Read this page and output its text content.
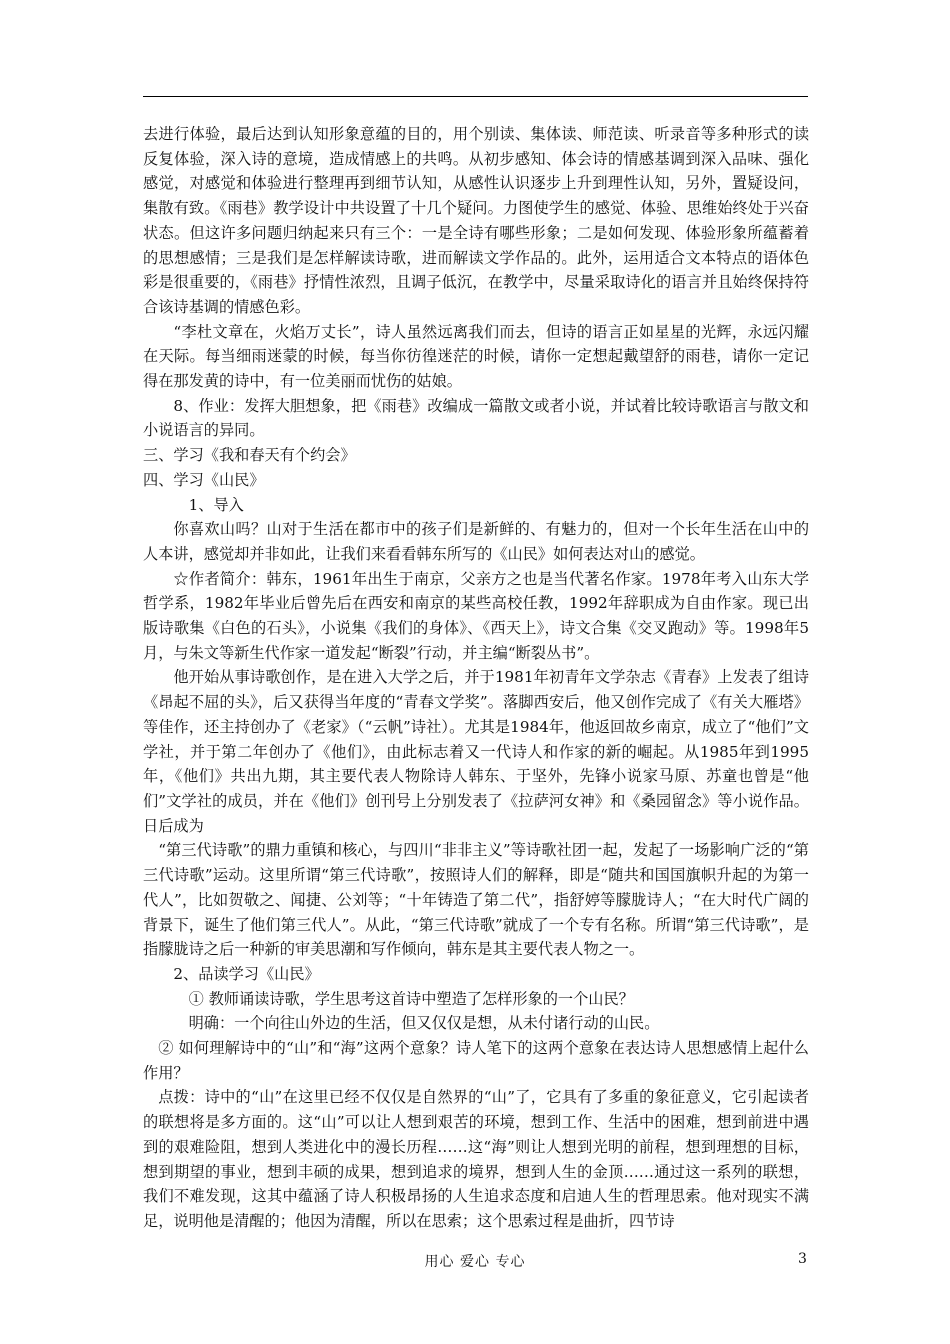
去进行体验，最后达到认知形象意蕴的目的，用个别读、集体读、师范读、听录音等多种形式的读反复体验，深入诗的意境，造成情感上的共鸣。从初步感知、体会诗的情感基调到深入品味、强化感觉，对感觉和体验进行整理再到细节认知，从感性认识逐步上升到理性认知，另外，置疑设问，集散有致。《雨巷》教学设计中共设置了十几个疑问。力图使学生的感觉、体验、思维始终处于兴奋状态。但这许多问题归纳起来只有三个：一是全诗有哪些形象；二是如何发现、体验形象所蕴蓄着的思想感情；三是我们是怎样解读诗歌，进而解读文学作品的。此外，运用适合文本特点的语体色彩是很重要的，《雨巷》抒情性浓烈，且调子低沉，在教学中，尽量采取诗化的语言并且始终保持符合该诗基调的情感色彩。

“李杜文章在，火焰万丈长”，诗人虽然远离我们而去，但诗的语言正如星星的光辉，永远闪耀在天际。每当细雨迷蒙的时候，每当你彷徨迷茫的时候，请你一定想起戴望舒的雨巷，请你一定记得在那发黄的诗中，有一位美丽而忧伤的姑娘。

8、作业：发挥大胆想象，把《雨巷》改编成一篇散文或者小说，并试着比较诗歌语言与散文和小说语言的异同。

三、学习《我和春天有个约会》

四、学习《山民》

1、导入

你喜欢山吗？山对于生活在都市中的孩子们是新鲜的、有魅力的，但对一个长年生活在山中的人本讲，感觉却并非如此，让我们来看看韩东所写的《山民》如何表达对山的感觉。

☆作者简介：韩东，1961年出生于南京，父亲方之也是当代著名作家。1978年考入山东大学哲学系，1982年毕业后曾先后在西安和南京的某些高校任教，1992年辞职成为自由作家。现已出版诗歌集《白色的石头》，小说集《我们的身体》、《西天上》，诗文合集《交叉跑动》等。1998年5月，与朱文等新生代作家一道发起“断裂”行动，并主编“断裂丛书”。

他开始从事诗歌创作，是在进入大学之后，并于1981年初青年文学杂志《青春》上发表了组诗《昂起不屈的头》，后又获得当年度的“青春文学奖”。落脚西安后，他又创作完成了《有关大雁塔》等佳作，还主持创办了《老家》（“云帆”诗社）。尤其是1984年，他返回故乡南京，成立了“他们”文学社，并于第二年创办了《他们》，由此标志着又一代诗人和作家的新的崛起。从1985年到1995年，《他们》共出九期，其主要代表人物除诗人韩东、于坚外，先锋小说家马原、苏童也曾是“他们”文学社的成员，并在《他们》创刊号上分别发表了《拉萨河女神》和《桑园留念》等小说作品。日后成为

“第三代诗歌”的鼎力重镇和核心，与四川“非非主义”等诗歌社团一起，发起了一场影响广泛的“第三代诗歌”运动。这里所谓“第三代诗歌”，按照诗人们的解释，即是“随共和国国旗帜升起的为第一代人”，比如贺敬之、闻捷、公刘等；“十年铸造了第二代”，指舒婷等朦胧诗人；“在大时代广阔的背景下，诞生了他们第三代人”。从此，“第三代诗歌”就成了一个专有名称。所谓“第三代诗歌”，是指朦胧诗之后一种新的审美思潮和写作倾向，韩东是其主要代表人物之一。

2、品读学习《山民》

① 教师诵读诗歌，学生思考这首诗中塑造了怎样形象的一个山民？

明确：一个向往山外边的生活，但又仅仅是想，从未付诸行动的山民。

② 如何理解诗中的“山”和“海”这两个意象？诗人笔下的这两个意象在表达诗人思想感情上起什么作用？

点拨：诗中的“山”在这里已经不仅仅是自然界的“山”了，它具有了多重的象征意义，它引起读者的联想将是多方面的。这“山”可以让人想到艰苦的环境，想到工作、生活中的困难，想到前进中遇到的艰难险阻，想到人类进化中的漫长历程……这“海”则让人想到光明的前程，想到理想的目标，想到期望的事业，想到丰硕的成果，想到追求的境界，想到人生的金顶……通过这一系列的联想，我们不难发现，这其中蕴涵了诗人积极昂扬的人生追求态度和启迪人生的哲理思索。他对现实不满足，说明他是清醒的；他因为清醒，所以在思索；这个思索过程是曲折，四节诗

用心 爱心 专心	3
